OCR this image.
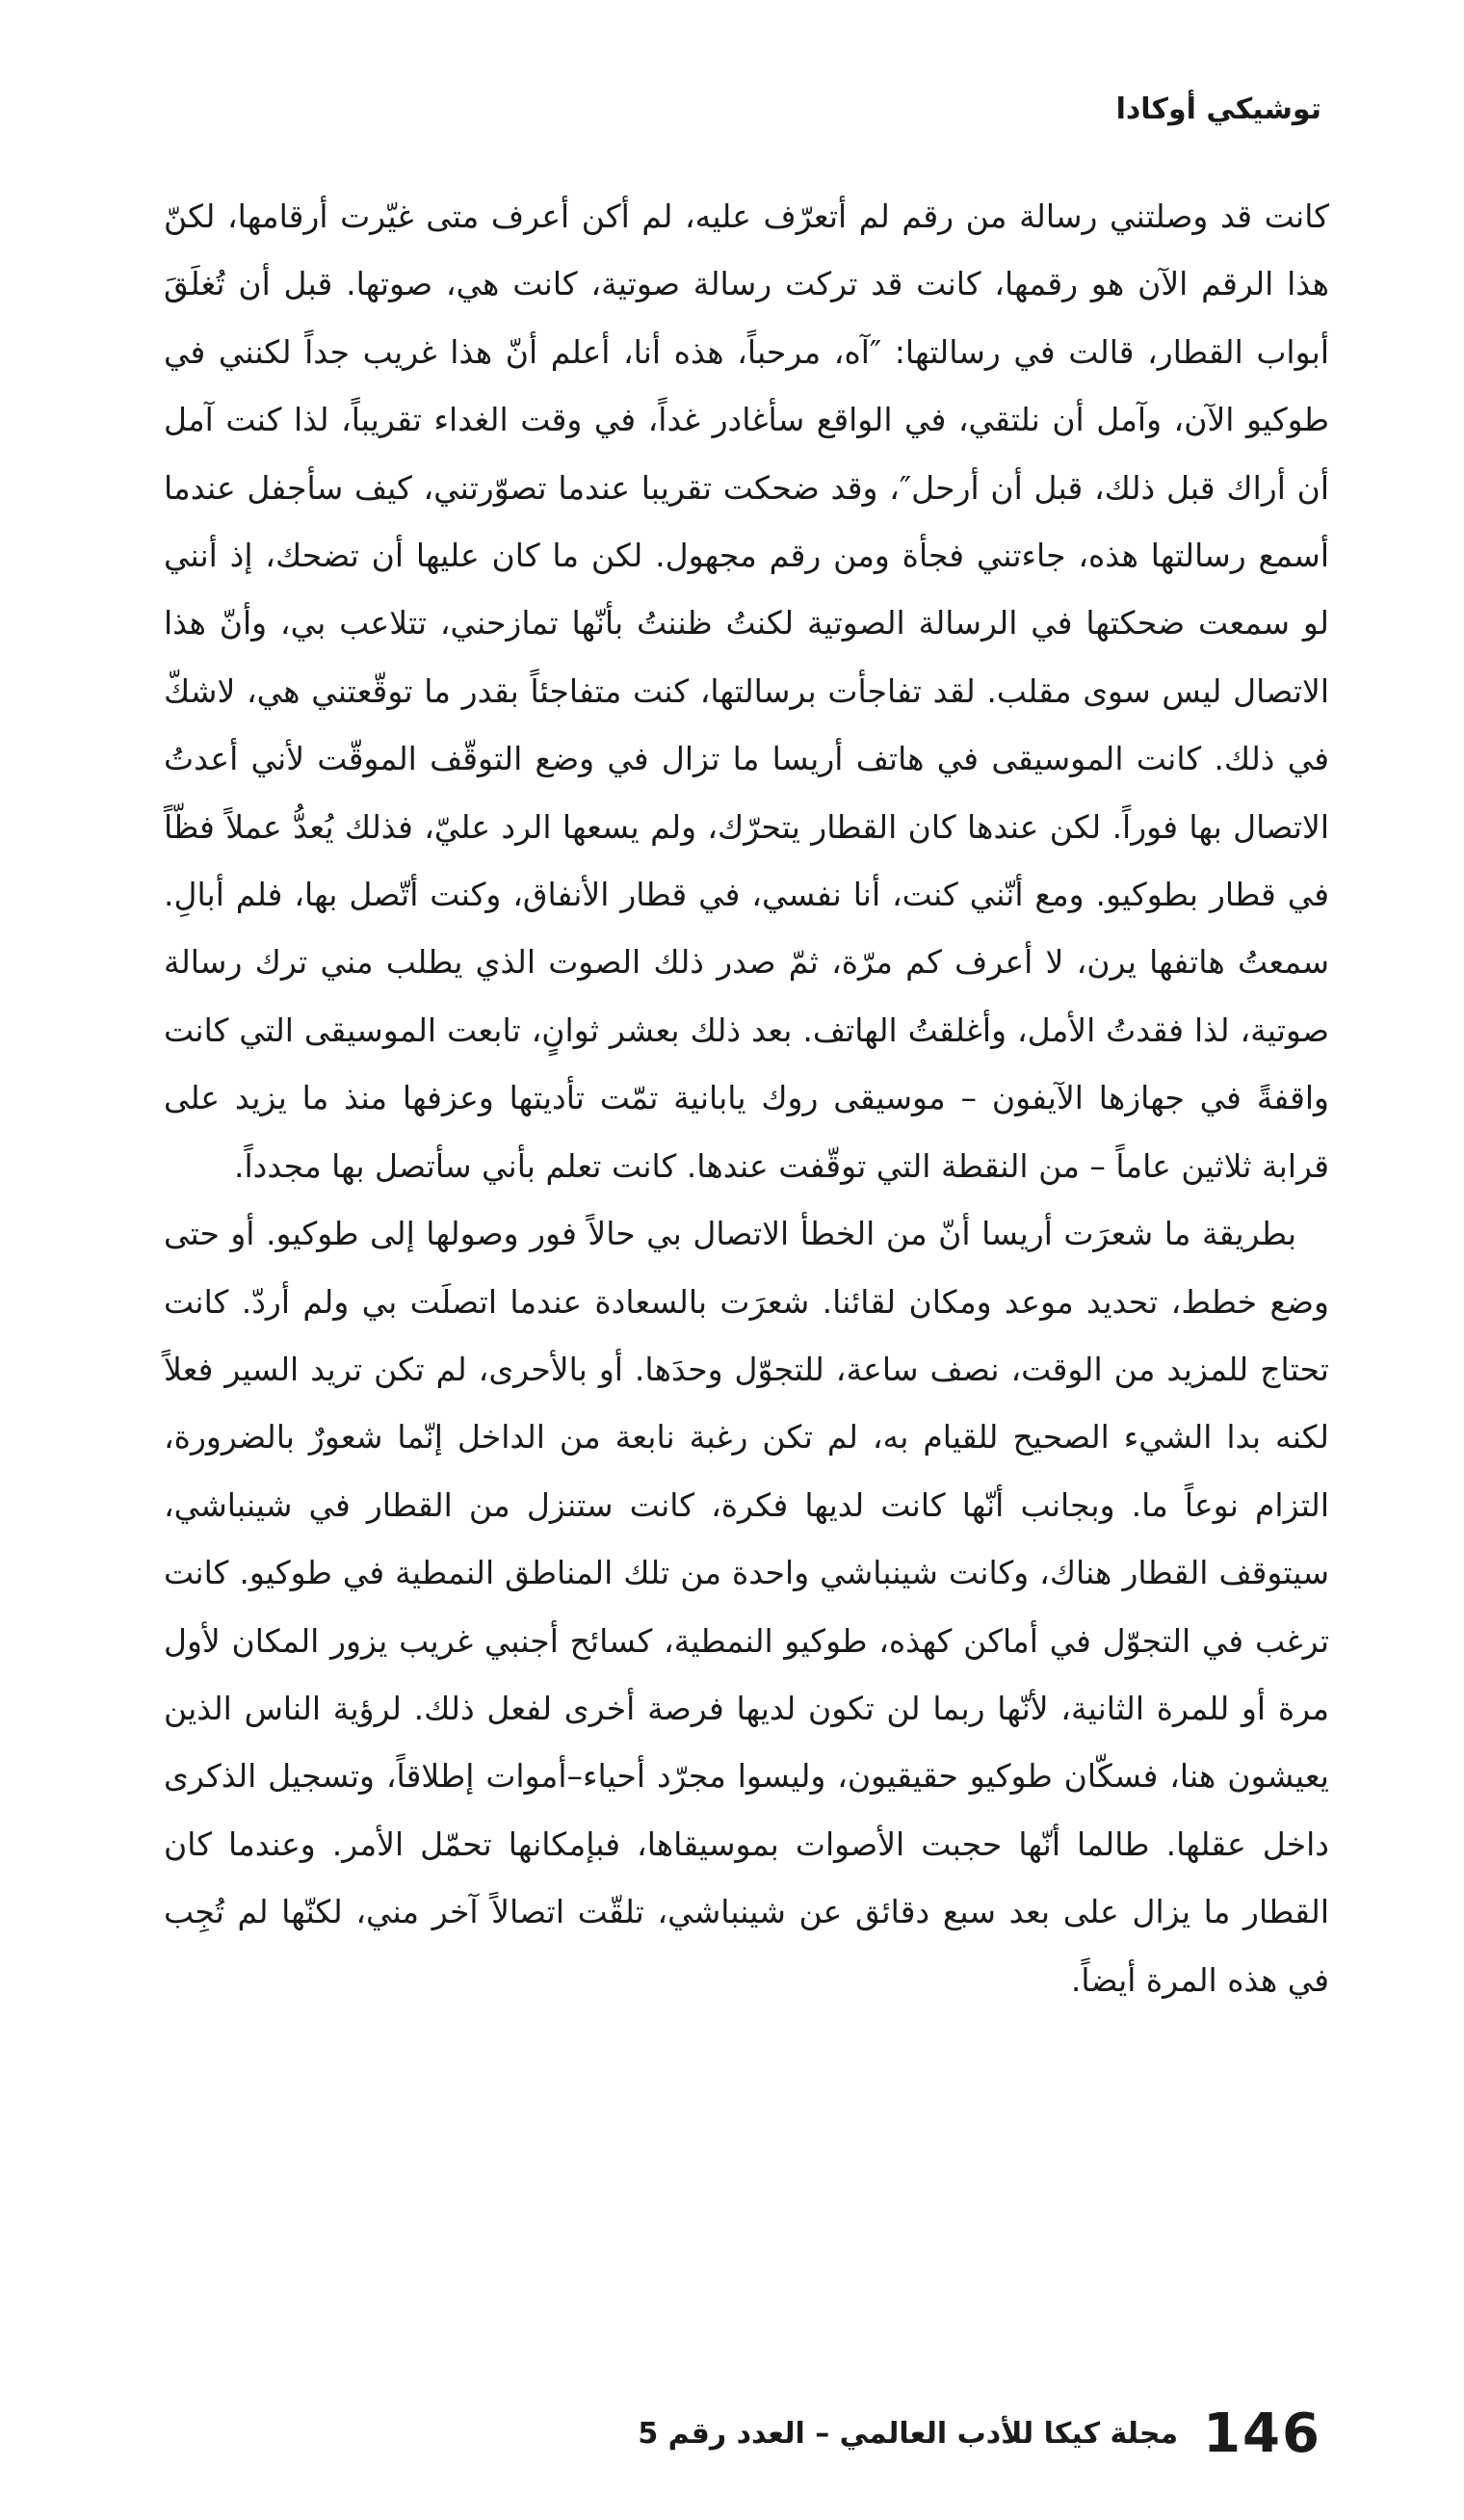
توشيكي أوكادا

كانت قد وصلتني رسالة من رقم لم أتعرّف عليه، لم أكن أعرف متى غيّرت أرقامها، لكنّ هذا الرقم الآن هو رقمها، كانت قد تركت رسالة صوتية، كانت هي، صوتها. قبل أن تُغلَقَ أبواب القطار، قالت في رسالتها: ″آه، مرحباً، هذه أنا، أعلم أنّ هذا غريب جداً لكنني في طوكيو الآن، وآمل أن نلتقي، في الواقع سأغادر غداً، في وقت الغداء تقريباً، لذا كنت آمل أن أراك قبل ذلك، قبل أن أرحل″، وقد ضحكت تقريبا عندما تصوّرتني، كيف سأجفل عندما أسمع رسالتها هذه، جاءتني فجأة ومن رقم مجهول. لكن ما كان عليها أن تضحك، إذ أنني لو سمعت ضحكتها في الرسالة الصوتية لكنتُ ظننتُ بأنّها تمازحني، تتلاعب بي، وأنّ هذا الاتصال ليس سوى مقلب. لقد تفاجأت برسالتها، كنت متفاجئاً بقدر ما توقّعتني هي، لاشكّ في ذلك. كانت الموسيقى في هاتف أريسا ما تزال في وضع التوقّف الموقّت لأني أعدتُ الاتصال بها فوراً. لكن عندها كان القطار يتحرّك، ولم يسعها الرد عليّ، فذلك يُعدُّ عملاً فظّاً في قطار بطوكيو. ومع أنّني كنت، أنا نفسي، في قطار الأنفاق، وكنت أتّصل بها، فلم أبالِ. سمعتُ هاتفها يرن، لا أعرف كم مرّة، ثمّ صدر ذلك الصوت الذي يطلب مني ترك رسالة صوتية، لذا فقدتُ الأمل، وأغلقتُ الهاتف. بعد ذلك بعشر ثوانٍ، تابعت الموسيقى التي كانت واقفةً في جهازها الآيفون – موسيقى روك يابانية تمّت تأديتها وعزفها منذ ما يزيد على قرابة ثلاثين عاماً – من النقطة التي توقّفت عندها. كانت تعلم بأني سأتصل بها مجدداً.

بطريقة ما شعرَت أريسا أنّ من الخطأ الاتصال بي حالاً فور وصولها إلى طوكيو. أو حتى وضع خطط، تحديد موعد ومكان لقائنا. شعرَت بالسعادة عندما اتصلَت بي ولم أردّ. كانت تحتاج للمزيد من الوقت، نصف ساعة، للتجوّل وحدَها. أو بالأحرى، لم تكن تريد السير فعلاً لكنه بدا الشيء الصحيح للقيام به، لم تكن رغبة نابعة من الداخل إنّما شعورٌ بالضرورة، التزام نوعاً ما. وبجانب أنّها كانت لديها فكرة، كانت ستنزل من القطار في شينباشي، سيتوقف القطار هناك، وكانت شينباشي واحدة من تلك المناطق النمطية في طوكيو. كانت ترغب في التجوّل في أماكن كهذه، طوكيو النمطية، كسائح أجنبي غريب يزور المكان لأول مرة أو للمرة الثانية، لأنّها ربما لن تكون لديها فرصة أخرى لفعل ذلك. لرؤية الناس الذين يعيشون هنا، فسكّان طوكيو حقيقيون، وليسوا مجرّد أحياء–أموات إطلاقاً، وتسجيل الذكرى داخل عقلها. طالما أنّها حجبت الأصوات بموسيقاها، فبإمكانها تحمّل الأمر. وعندما كان القطار ما يزال على بعد سبع دقائق عن شينباشي، تلقّت اتصالاً آخر مني، لكنّها لم تُجِب في هذه المرة أيضاً.

146
مجلة كيكا للأدب العالمي – العدد رقم 5
